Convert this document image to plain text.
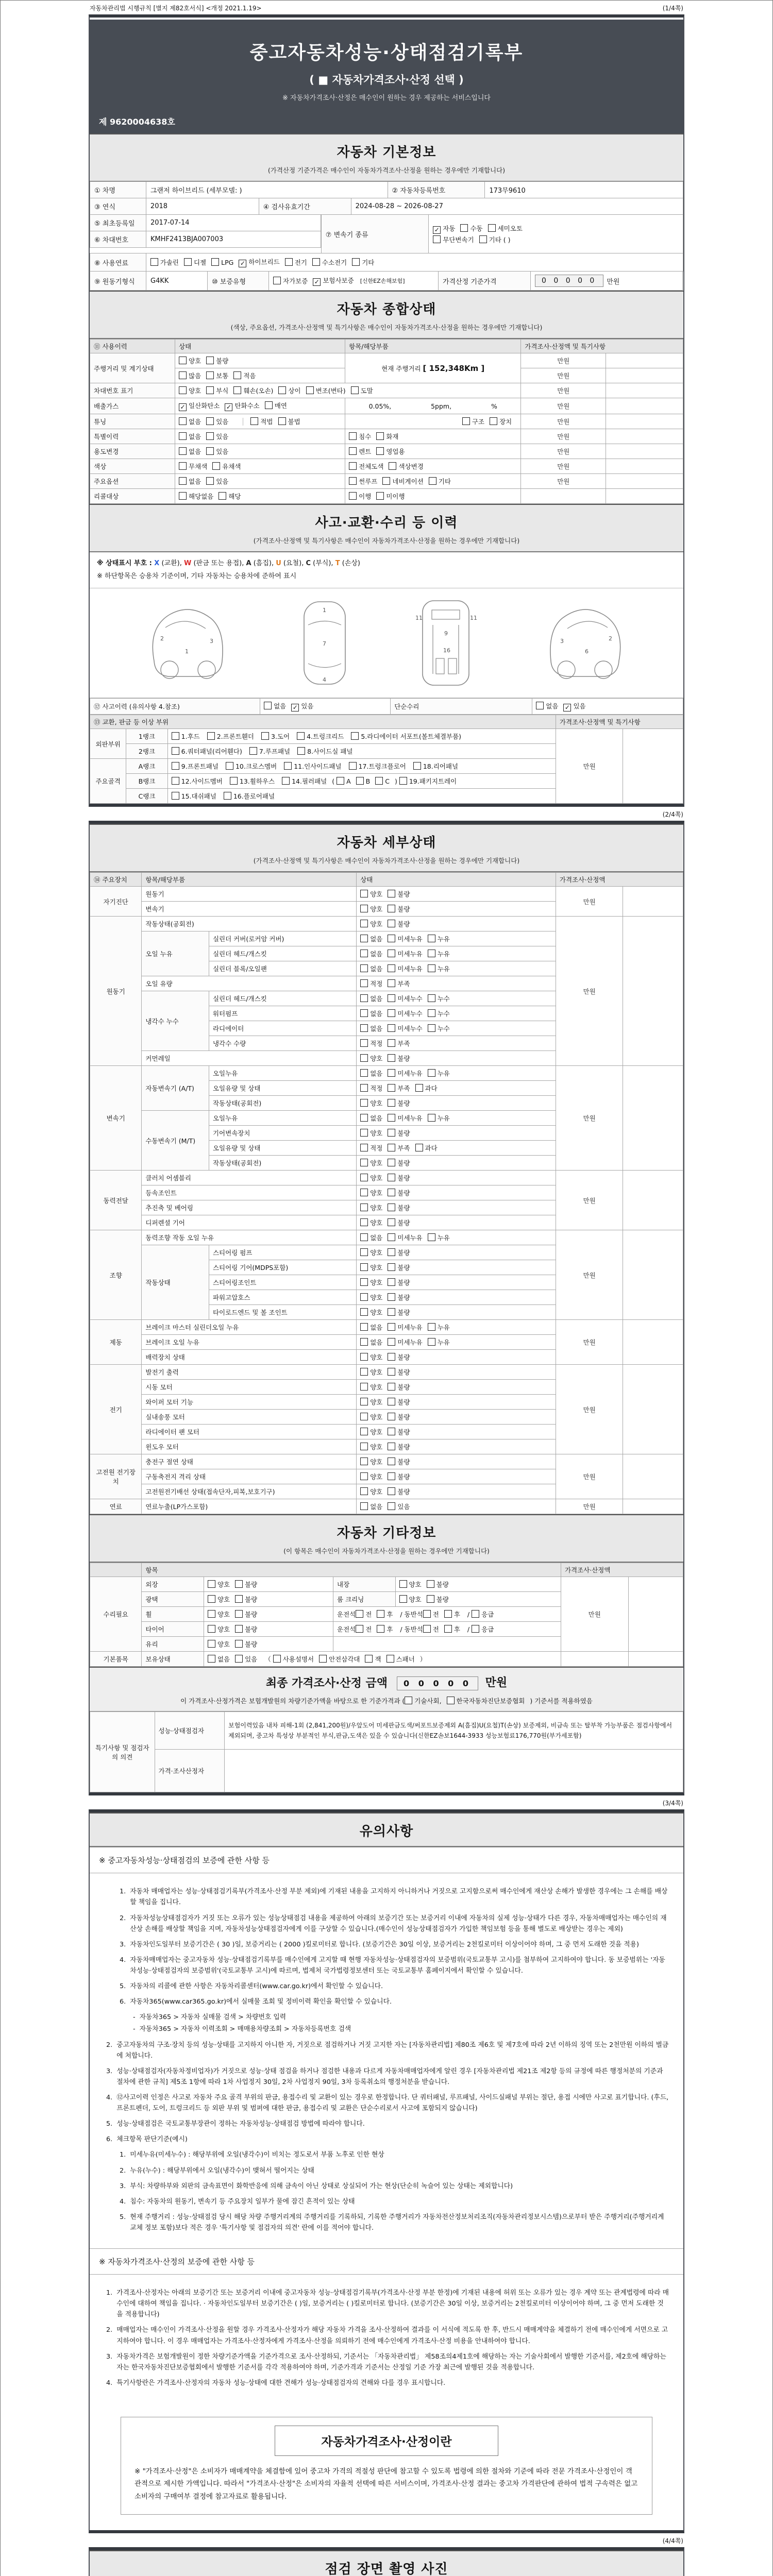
자동차관리법 시행규칙 [별지 제82호서식] <개정 2021.1.19>	(1/4쪽)
중고자동차성능·상태점검기록부
( ■ 자동차가격조사·산정 선택 )
※ 자동차가격조사·산정은 매수인이 원하는 경우 제공하는 서비스입니다
제 9620004638호
자동차 기본정보
(가격산정 기준가격은 매수인이 자동차가격조사·산정을 원하는 경우에만 기재합니다)
① 차명	그랜저 하이브리드 (세부모델: )	② 자동차등록번호	173무9610
③ 연식	2018	④ 검사유효기간	2024-08-28 ~ 2026-08-27
⑤ 최초등록일	2017-07-14
⑥ 차대번호	KMHF2413BJA007003
⑦ 변속기 종류
✓ 자동 수동 세미오토
무단변속기 기타 ( )
⑧ 사용연료	가솔린	디젤	LPG ✓ 하이브리드	전기	수소전기	기타
⑨ 원동기형식	G4KK	⑩ 보증유형	자가보증 ✓ 보험사보증 [신한EZ손해보험]	가격산정 기준가격	0 0 0 0 0	만원
자동차 종합상태
(색상, 주요옵션, 가격조사·산정액 및 특기사항은 매수인이 자동차가격조사·산정을 원하는 경우에만 기재합니다)
⑪ 사용이력	상태	항목/해당부품	가격조사·산정액 및 특기사항	
주행거리 및 계기상태	양호 불량	현재 주행거리 [ 152,348Km ]	만원	
	많음 보통 적음		만원	
차대번호 표기	양호 부식 훼손(오손) 상이 변조(변타) 도말		만원	
배출가스	✓ 일산화탄소 ✓ 탄화수소 매연	0.05%, 5ppm, %	만원	
튜닝	없음 있음 적법 불법	구조 장치	만원	
특별이력	없음 있음	침수 화재	만원	
용도변경	없음 있음	렌트 영업용	만원	
색상	무채색 유채색	전체도색 색상변경	만원	
주요옵션	없음 있음	썬루프 네비게이션 기타	만원	
리콜대상	해당없음 해당	이행 미이행		
사고·교환·수리 등 이력
(가격조사·산정액 및 특기사항은 매수인이 자동차가격조사·산정을 원하는 경우에만 기재합니다)
※ 상태표시 부호 : X (교환), W (판금 또는 용접), A (흠집), U (요철), C (부식), T (손상)
※ 하단항목은 승용차 기준이며, 기타 자동차는 승용차에 준하여 표시
2
1
3
1
7
4
11	11
9
16
2
6
3
⑫ 사고이력 (유의사항 4.참조)	없음 ✓ 있음	단순수리	없음 ✓ 있음
⑬ 교환, 판금 등 이상 부위			가격조사·산정액 및 특기사항	
외판부위	1랭크	1.후드 2.프론트휀더 3.도어 4.트렁크리드 5.라디에이터 서포트(볼트체결부품)	만원	
	2랭크	6.쿼터패널(리어휀다) 7.루프패널 8.사이드실 패널		
주요골격	A랭크	9.프론트패널 10.크로스멤버 11.인사이드패널 17.트렁크플로어 18.리어패널		
	B랭크	12.사이드멤버 13.휠하우스 14.필러패널 ( A B C ) 19.패키지트레이		
	C랭크	15.대쉬패널 16.플로어패널		
(2/4쪽)
자동차 세부상태
(가격조사·산정액 및 특기사항은 매수인이 자동차가격조사·산정을 원하는 경우에만 기재합니다)
⑭ 주요장치	항목/해당부품		상태	가격조사·산정액	
자기진단	원동기		양호 불량	만원	
	변속기		양호 불량		
원동기	작동상태(공회전)		양호 불량	만원	
	오일 누유	실린더 커버(로커암 커버)	없음 미세누유 누유		
		실린더 헤드/개스킷	없음 미세누유 누유		
		실린더 블록/오일팬	없음 미세누유 누유		
	오일 유량		적정 부족		
	냉각수 누수	실린더 헤드/개스킷	없음 미세누수 누수		
		워터펌프	없음 미세누수 누수		
		라디에이터	없음 미세누수 누수		
		냉각수 수량	적정 부족		
	커먼레일		양호 불량		
변속기	자동변속기 (A/T)	오일누유	없음 미세누유 누유	만원	
		오일유량 및 상태	적정 부족 과다		
		작동상태(공회전)	양호 불량		
	수동변속기 (M/T)	오일누유	없음 미세누유 누유		
		기어변속장치	양호 불량		
		오일유량 및 상태	적정 부족 과다		
		작동상태(공회전)	양호 불량		
동력전달	클러치 어셈블리		양호 불량	만원	
	등속조인트		양호 불량		
	추진축 및 베어링		양호 불량		
	디퍼렌셜 기어		양호 불량		
조향	동력조향 작동 오일 누유		없음 미세누유 누유	만원	
	작동상태	스티어링 펌프	양호 불량		
		스티어링 기어(MDPS포함)	양호 불량		
		스티어링조인트	양호 불량		
		파워고압호스	양호 불량		
		타이로드엔드 및 볼 조인트	양호 불량		
제동	브레이크 마스터 실린더오일 누유		없음 미세누유 누유	만원	
	브레이크 오일 누유		없음 미세누유 누유		
	배력장치 상태		양호 불량		
전기	발전기 출력		양호 불량	만원	
	시동 모터		양호 불량		
	와이퍼 모터 기능		양호 불량		
	실내송풍 모터		양호 불량		
	라디에이터 팬 모터		양호 불량		
	윈도우 모터		양호 불량		
고전원 전기장치	충전구 절연 상태		양호 불량	만원	
	구동축전지 격리 상태		양호 불량		
	고전원전기배선 상태(접속단자,피복,보호기구)		양호 불량		
연료	연료누출(LP가스포함)		없음 있음	만원	
자동차 기타정보
(이 항목은 매수인이 자동차가격조사·산정을 원하는 경우에만 기재합니다)
	항목				가격조사·산정액	
수리필요	외장	양호 불량	내장	양호 불량	만원	
	광택	양호 불량	룸 크리닝	양호 불량		
	휠	양호 불량	운전석 전 후 / 동반석 전 후 / 응급			
	타이어	양호 불량	운전석 전 후 / 동반석 전 후 / 응급			
	유리	양호 불량				
기본품목	보유상태	없음 있음 （ 사용설명서 안전삼각대 잭 스패너 ）				
최종 가격조사·산정 금액	0 0 0 0 0 만원
이 가격조사·산정가격은 보험개발원의 차량기준가액을 바탕으로 한 기준가격과 ( 기술사회, 한국자동차진단보증협회 ) 기준서를 적용하였음
특기사항 및 점검자의 의견	성능·상태점검자	보험이력있음 내차 피해-1회 (2,841,200원)/우앞도어 미세판금도색/써포트보증제외 A(흠집)U(요철)T(손상) 보증제외, 비금속 또는 탈부착 가능부품은 점검사항에서 제외되며, 중고차 특성상 부분적인 부식,판금,도색은 있을 수 있습니다(신한EZ손보1644-3933 성능보험료176,770원(부가세포함)
	가격·조사산정자	
(3/4쪽)
유의사항
※ 중고자동차성능·상태점검의 보증에 관한 사항 등
1. 자동차 매매업자는 성능·상태점검기록부(가격조사·산정 부분 제외)에 기재된 내용을 고지하지 아니하거나 거짓으로 고지함으로써 매수인에게 재산상 손해가 발생한 경우에는 그 손해를 배상할 책임을 집니다.
2. 자동차성능상태점검자가 거짓 또는 오류가 있는 성능상태점검 내용을 제공하여 아래의 보증기간 또는 보증거리 이내에 자동차의 실제 성능·상태가 다른 경우, 자동차매매업자는 매수인의 재산상 손해를 배상할 책임을 지며, 자동차성능상태점검자에게 이를 구상할 수 있습니다.(매수인이 성능상태점검자가 가입한 책임보험 등을 통해 별도로 배상받는 경우는 제외)
3. 자동차인도일부터 보증기간은 ( 30 )일, 보증거리는 ( 2000 )킬로미터로 합니다. (보증기간은 30일 이상, 보증거리는 2천킬로미터 이상이어야 하며, 그 중 먼저 도래한 것을 적용)
4. 자동차매매업자는 중고자동차 성능·상태점검기록부를 매수인에게 고지할 때 현행 자동차성능·상태점검자의 보증범위(국토교통부 고시)를 첨부하여 고지하여야 합니다. 동 보증범위는 '자동차성능·상태점검자의 보증범위'(국토교통부 고시)에 따르며, 법제처 국가법령정보센터 또는 국토교통부 홈페이지에서 확인할 수 있습니다.
5. 자동차의 리콜에 관한 사항은 자동차리콜센터(www.car.go.kr)에서 확인할 수 있습니다.
6. 자동차365(www.car365.go.kr)에서 실매물 조회 및 정비이력 확인을 확인할 수 있습니다.
- 자동차365 > 자동차 실매물 검색 > 차량번호 입력
- 자동차365 > 자동차 이력조회 > 매매용차량조회 > 자동차등록번호 검색
2. 중고자동차의 구조·장치 등의 성능·상태를 고지하지 아니한 자, 거짓으로 점검하거나 거짓 고지한 자는 [자동차관리법] 제80조 제6호 및 제7호에 따라 2년 이하의 징역 또는 2천만원 이하의 벌금에 처합니다.
3. 성능·상태점검자(자동차정비업자)가 거짓으로 성능·상태 점검을 하거나 점검한 내용과 다르게 자동차매매업자에게 알린 경우 [자동차관리법 제21조 제2항 등의 규정에 따른 행정처분의 기준과 절차에 관한 규칙] 제5조 1항에 따라 1차 사업정지 30일, 2차 사업정지 90일, 3차 등록취소의 행정처분을 받습니다.
4. ⑫사고이력 인정은 사고로 자동차 주요 골격 부위의 판금, 용접수리 및 교환이 있는 경우로 한정합니다. 단 쿼터패널, 루프패널, 사이드실패널 부위는 절단, 용접 시에만 사고로 표기합니다. (후드, 프론트펜더, 도어, 트렁크리드 등 외판 부위 및 범퍼에 대한 판금, 용접수리 및 교환은 단순수리로서 사고에 포함되지 않습니다)
5. 성능·상태점검은 국토교통부장관이 정하는 자동차성능·상태점검 방법에 따라야 합니다.
6. 체크항목 판단기준(예시)
1. 미세누유(미세누수) : 해당부위에 오일(냉각수)이 비치는 정도로서 부품 노후로 인한 현상
2. 누유(누수) : 해당부위에서 오일(냉각수)이 맺혀서 떨어지는 상태
3. 부식: 차량하부와 외판의 금속표면이 화학반응에 의해 금속이 아닌 상태로 상실되어 가는 현상(단순히 녹슬어 있는 상태는 제외합니다)
4. 침수: 자동차의 원동기, 변속기 등 주요장치 일부가 물에 잠긴 흔적이 있는 상태
5. 현재 주행거리 : 성능·상태점검 당시 해당 차량 주행거리계의 주행거리를 기록하되, 기록한 주행거리가 자동차전산정보처리조직(자동차관리정보시스템)으로부터 받은 주행거리(주행거리계 교체 정보 포함)보다 적은 경우 '특기사항 및 점검자의 의견' 란에 이를 적어야 합니다.
※ 자동차가격조사·산정의 보증에 관한 사항 등
1. 가격조사·산정자는 아래의 보증기간 또는 보증거리 이내에 중고자동차 성능·상태점검기록부(가격조사·산정 부분 한정)에 기재된 내용에 허위 또는 오류가 있는 경우 계약 또는 관계법령에 따라 매수인에 대하여 책임을 집니다. · 자동차인도일부터 보증기간은 ( )일, 보증거리는 ( )킬로미터로 합니다. (보증기간은 30일 이상, 보증거리는 2천킬로미터 이상이어야 하며, 그 중 먼저 도래한 것을 적용합니다)
2. 매매업자는 매수인이 가격조사·산정을 원할 경우 가격조사·산정자가 해당 자동차 가격을 조사·산정하여 결과를 이 서식에 적도록 한 후, 반드시 매매계약을 체결하기 전에 매수인에게 서면으로 고지하여야 합니다. 이 경우 매매업자는 가격조사·산정자에게 가격조사·산정을 의뢰하기 전에 매수인에게 가격조사·산정 비용을 안내하여야 합니다.
3. 자동차가격은 보험개발원이 정한 차량기준가액을 기준가격으로 조사·산정하되, 기준서는 「자동차관리법」 제58조의4제1호에 해당하는 자는 기술사회에서 발행한 기준서를, 제2호에 해당하는 자는 한국자동차진단보증협회에서 발행한 기준서를 각각 적용하여야 하며, 기준가격과 기준서는 산정일 기준 가장 최근에 발행된 것을 적용합니다.
4. 특기사항란은 가격조사·산정자의 자동차 성능·상태에 대한 견해가 성능·상태점검자의 견해와 다를 경우 표시합니다.
자동차가격조사·산정이란
※ "가격조사·산정"은 소비자가 매매계약을 체결함에 있어 중고차 가격의 적절성 판단에 참고할 수 있도록 법령에 의한 절차와 기준에 따라 전문 가격조사·산정인이 객관적으로 제시한 가액입니다. 따라서 "가격조사·산정"은 소비자의 자율적 선택에 따른 서비스이며, 가격조사·산정 결과는 중고차 가격판단에 관하여 법적 구속력은 없고 소비자의 구매여부 결정에 참고자료로 활용됩니다.
(4/4쪽)
점검 장면 촬영 사진
